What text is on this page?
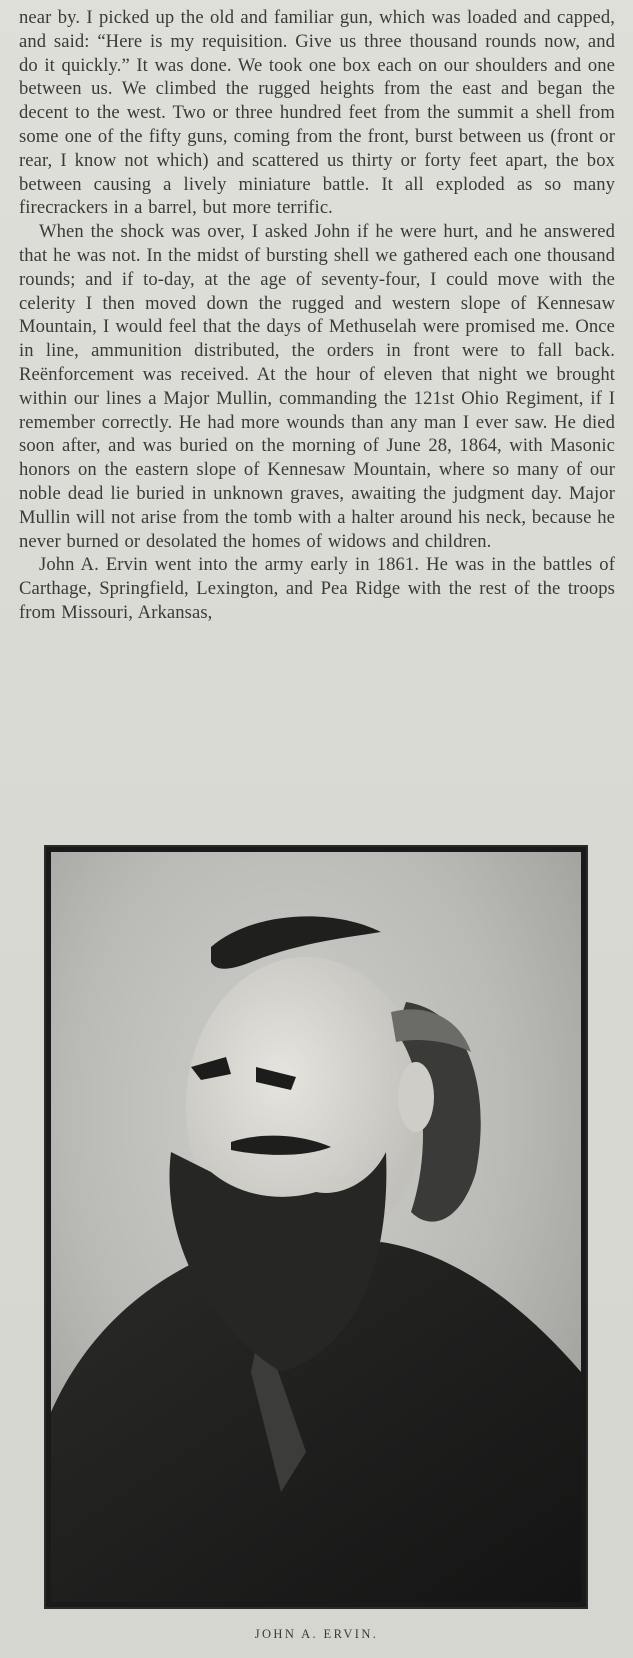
near by. I picked up the old and familiar gun, which was loaded and capped, and said: “Here is my requisition. Give us three thousand rounds now, and do it quickly.” It was done. We took one box each on our shoulders and one between us. We climbed the rugged heights from the east and began the decent to the west. Two or three hundred feet from the summit a shell from some one of the fifty guns, coming from the front, burst between us (front or rear, I know not which) and scattered us thirty or forty feet apart, the box between causing a lively miniature battle. It all exploded as so many firecrackers in a barrel, but more terrific.

When the shock was over, I asked John if he were hurt, and he answered that he was not. In the midst of bursting shell we gathered each one thousand rounds; and if to-day, at the age of seventy-four, I could move with the celerity I then moved down the rugged and western slope of Kennesaw Mountain, I would feel that the days of Methuselah were promised me. Once in line, ammunition distributed, the orders in front were to fall back. Reënforcement was received. At the hour of eleven that night we brought within our lines a Major Mullin, commanding the 121st Ohio Regiment, if I remember correctly. He had more wounds than any man I ever saw. He died soon after, and was buried on the morning of June 28, 1864, with Masonic honors on the eastern slope of Kennesaw Mountain, where so many of our noble dead lie buried in unknown graves, awaiting the judgment day. Major Mullin will not arise from the tomb with a halter around his neck, because he never burned or desolated the homes of widows and children.

John A. Ervin went into the army early in 1861. He was in the battles of Carthage, Springfield, Lexington, and Pea Ridge with the rest of the troops from Missouri, Arkansas,

JOHN A. ERVIN.
